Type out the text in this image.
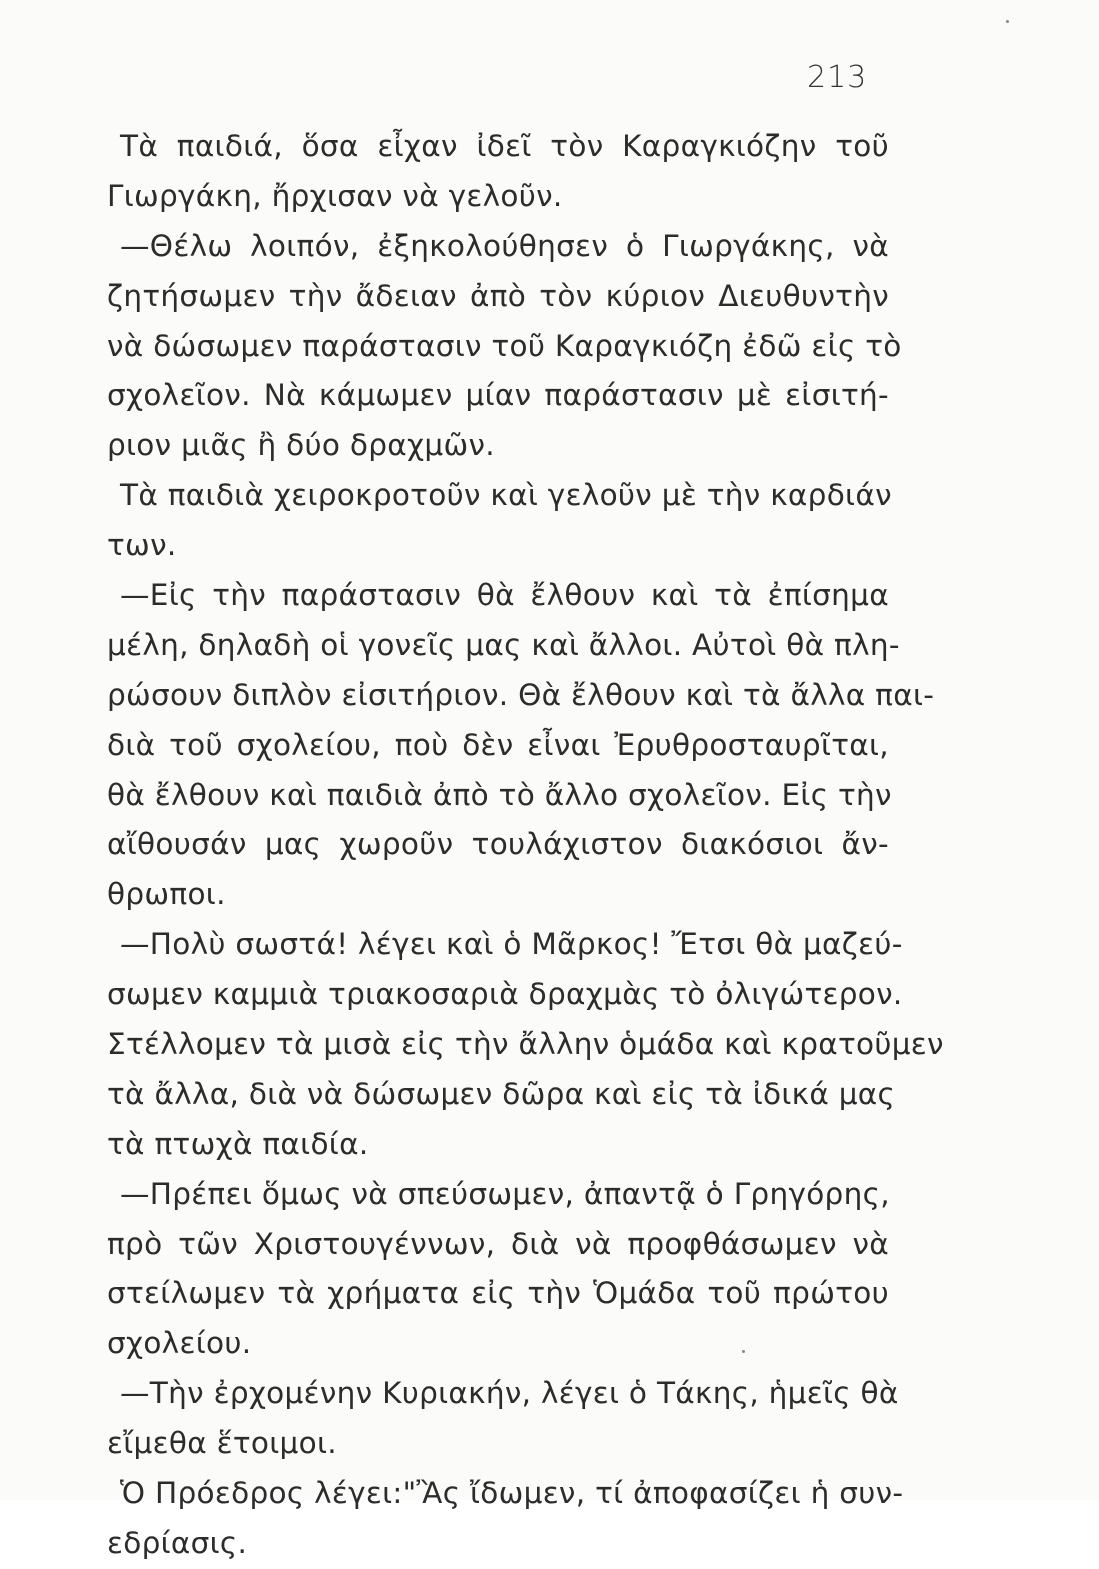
213
Τὰ παιδιά, ὅσα εἶχαν ἰδεῖ τὸν Καραγκιόζην τοῦ
Γιωργάκη, ἤρχισαν νὰ γελοῦν.
—Θέλω λοιπόν, ἐξηκολούθησεν ὁ Γιωργάκης, νὰ
ζητήσωμεν τὴν ἄδειαν ἀπὸ τὸν κύριον Διευθυντὴν
νὰ δώσωμεν παράστασιν τοῦ Καραγκιόζη ἐδῶ εἰς τὸ
σχολεῖον. Νὰ κάμωμεν μίαν παράστασιν μὲ εἰσιτή-
ριον μιᾶς ἢ δύο δραχμῶν.
Τὰ παιδιὰ χειροκροτοῦν καὶ γελοῦν μὲ τὴν καρδιάν
των.
—Εἰς τὴν παράστασιν θὰ ἔλθουν καὶ τὰ ἐπίσημα
μέλη, δηλαδὴ οἱ γονεῖς μας καὶ ἄλλοι. Αὐτοὶ θὰ πλη-
ρώσουν διπλὸν εἰσιτήριον. Θὰ ἔλθουν καὶ τὰ ἄλλα παι-
διὰ τοῦ σχολείου, ποὺ δὲν εἶναι Ἐρυθροσταυρῖται,
θὰ ἔλθουν καὶ παιδιὰ ἀπὸ τὸ ἄλλο σχολεῖον. Εἰς τὴν
αἴθουσάν μας χωροῦν τουλάχιστον διακόσιοι ἄν-
θρωποι.
—Πολὺ σωστά! λέγει καὶ ὁ Μᾶρκος! Ἔτσι θὰ μαζεύ-
σωμεν καμμιὰ τριακοσαριὰ δραχμὰς τὸ ὀλιγώτερον.
Στέλλομεν τὰ μισὰ εἰς τὴν ἄλλην ὁμάδα καὶ κρατοῦμεν
τὰ ἄλλα, διὰ νὰ δώσωμεν δῶρα καὶ εἰς τὰ ἰδικά μας
τὰ πτωχὰ παιδία.
—Πρέπει ὅμως νὰ σπεύσωμεν, ἀπαντᾷ ὁ Γρηγόρης,
πρὸ τῶν Χριστουγέννων, διὰ νὰ προφθάσωμεν νὰ
στείλωμεν τὰ χρήματα εἰς τὴν Ὁμάδα τοῦ πρώτου
σχολείου.
—Τὴν ἐρχομένην Κυριακήν, λέγει ὁ Τάκης, ἡμεῖς θὰ
εἴμεθα ἕτοιμοι.
Ὁ Πρόεδρος λέγει:"Ἂς ἴδωμεν, τί ἀποφασίζει ἡ συν-
εδρίασις.
